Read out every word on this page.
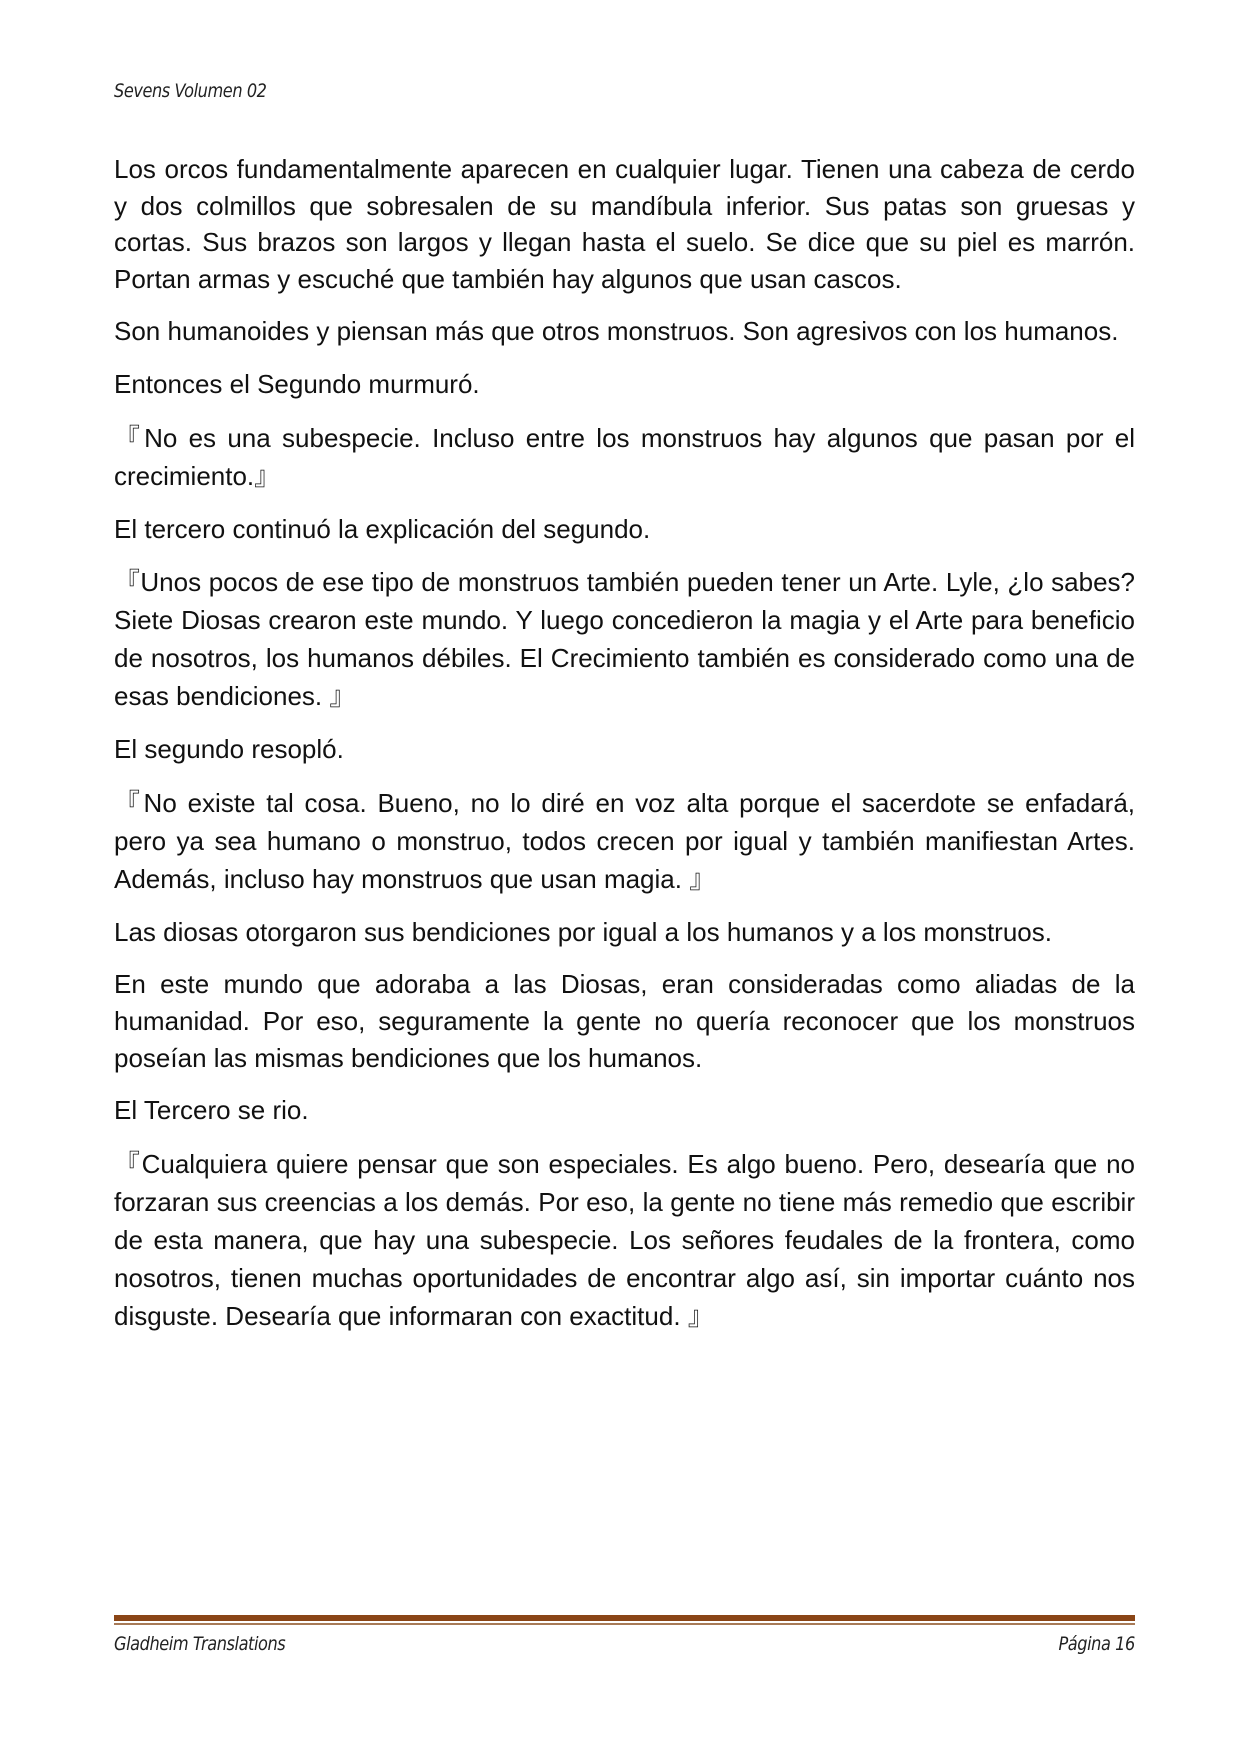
Sevens Volumen 02

Los orcos fundamentalmente aparecen en cualquier lugar. Tienen una cabeza de cerdo y dos colmillos que sobresalen de su mandíbula inferior. Sus patas son gruesas y cortas. Sus brazos son largos y llegan hasta el suelo. Se dice que su piel es marrón. Portan armas y escuché que también hay algunos que usan cascos.

Son humanoides y piensan más que otros monstruos. Son agresivos con los humanos.

Entonces el Segundo murmuró.

『No es una subespecie. Incluso entre los monstruos hay algunos que pasan por el crecimiento.』

El tercero continuó la explicación del segundo.

『Unos pocos de ese tipo de monstruos también pueden tener un Arte. Lyle, ¿lo sabes? Siete Diosas crearon este mundo. Y luego concedieron la magia y el Arte para beneficio de nosotros, los humanos débiles. El Crecimiento también es considerado como una de esas bendiciones. 』

El segundo resopló.

『No existe tal cosa. Bueno, no lo diré en voz alta porque el sacerdote se enfadará, pero ya sea humano o monstruo, todos crecen por igual y también manifiestan Artes. Además, incluso hay monstruos que usan magia. 』

Las diosas otorgaron sus bendiciones por igual a los humanos y a los monstruos.

En este mundo que adoraba a las Diosas, eran consideradas como aliadas de la humanidad. Por eso, seguramente la gente no quería reconocer que los monstruos poseían las mismas bendiciones que los humanos.

El Tercero se rio.

『Cualquiera quiere pensar que son especiales. Es algo bueno. Pero, desearía que no forzaran sus creencias a los demás. Por eso, la gente no tiene más remedio que escribir de esta manera, que hay una subespecie. Los señores feudales de la frontera, como nosotros, tienen muchas oportunidades de encontrar algo así, sin importar cuánto nos disguste. Desearía que informaran con exactitud. 』

Gladheim Translations	Página 16
